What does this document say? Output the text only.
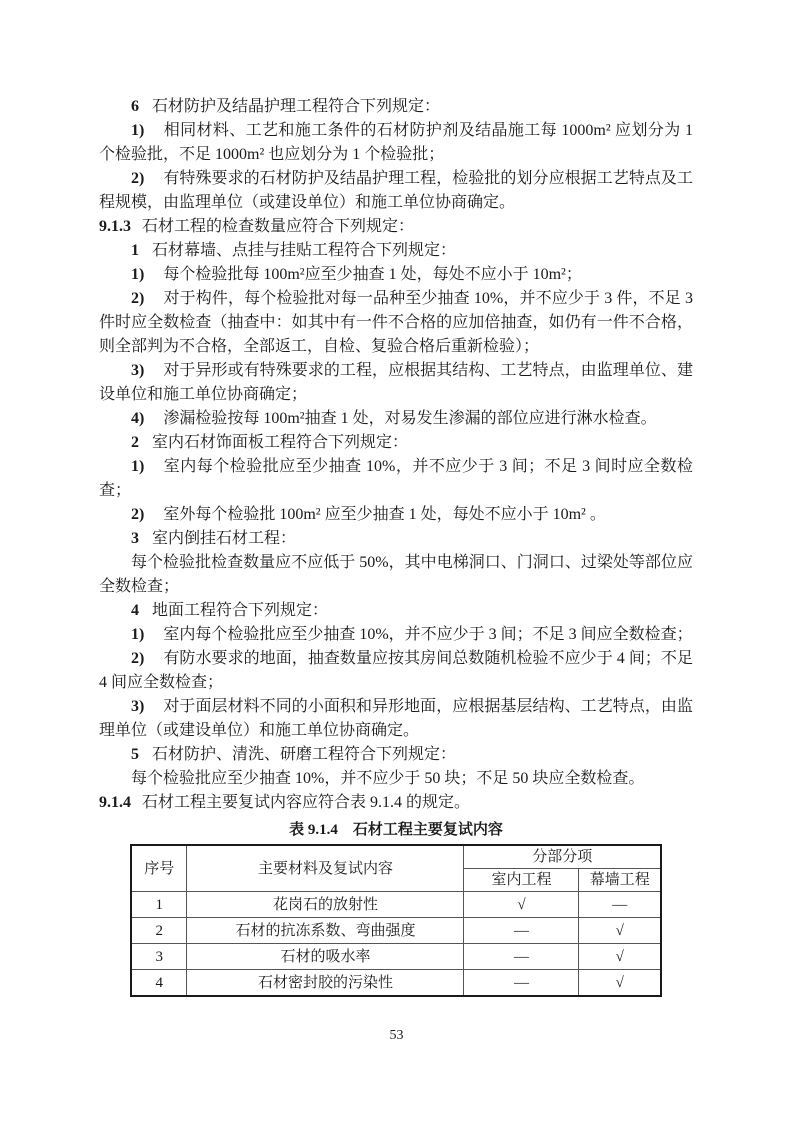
6 石材防护及结晶护理工程符合下列规定：
1) 相同材料、工艺和施工条件的石材防护剂及结晶施工每 1000m² 应划分为 1 个检验批，不足 1000m² 也应划分为 1 个检验批；
2) 有特殊要求的石材防护及结晶护理工程，检验批的划分应根据工艺特点及工程规模，由监理单位（或建设单位）和施工单位协商确定。
9.1.3 石材工程的检查数量应符合下列规定：
1 石材幕墙、点挂与挂贴工程符合下列规定：
1) 每个检验批每 100m²应至少抽查 1 处，每处不应小于 10m²；
2) 对于构件，每个检验批对每一品种至少抽查 10%，并不应少于 3 件，不足 3 件时应全数检查（抽查中：如其中有一件不合格的应加倍抽查，如仍有一件不合格，则全部判为不合格，全部返工，自检、复验合格后重新检验）；
3) 对于异形或有特殊要求的工程，应根据其结构、工艺特点，由监理单位、建设单位和施工单位协商确定；
4) 渗漏检验按每 100m²抽查 1 处，对易发生渗漏的部位应进行淋水检查。
2 室内石材饰面板工程符合下列规定：
1) 室内每个检验批应至少抽查 10%，并不应少于 3 间；不足 3 间时应全数检查；
2) 室外每个检验批 100m² 应至少抽查 1 处，每处不应小于 10m² 。
3 室内倒挂石材工程：
每个检验批检查数量应不应低于 50%，其中电梯洞口、门洞口、过梁处等部位应全数检查；
4 地面工程符合下列规定：
1) 室内每个检验批应至少抽查 10%，并不应少于 3 间；不足 3 间应全数检查；
2) 有防水要求的地面，抽查数量应按其房间总数随机检验不应少于 4 间；不足 4 间应全数检查；
3) 对于面层材料不同的小面积和异形地面，应根据基层结构、工艺特点，由监理单位（或建设单位）和施工单位协商确定。
5 石材防护、清洗、研磨工程符合下列规定：
每个检验批应至少抽查 10%，并不应少于 50 块；不足 50 块应全数检查。
9.1.4 石材工程主要复试内容应符合表 9.1.4 的规定。
表 9.1.4　石材工程主要复试内容
序号	主要材料及复试内容	分部分项	
		室内工程	幕墙工程
1	花岗石的放射性	√	—
2	石材的抗冻系数、弯曲强度	—	√
3	石材的吸水率	—	√
4	石材密封胶的污染性	—	√
53
